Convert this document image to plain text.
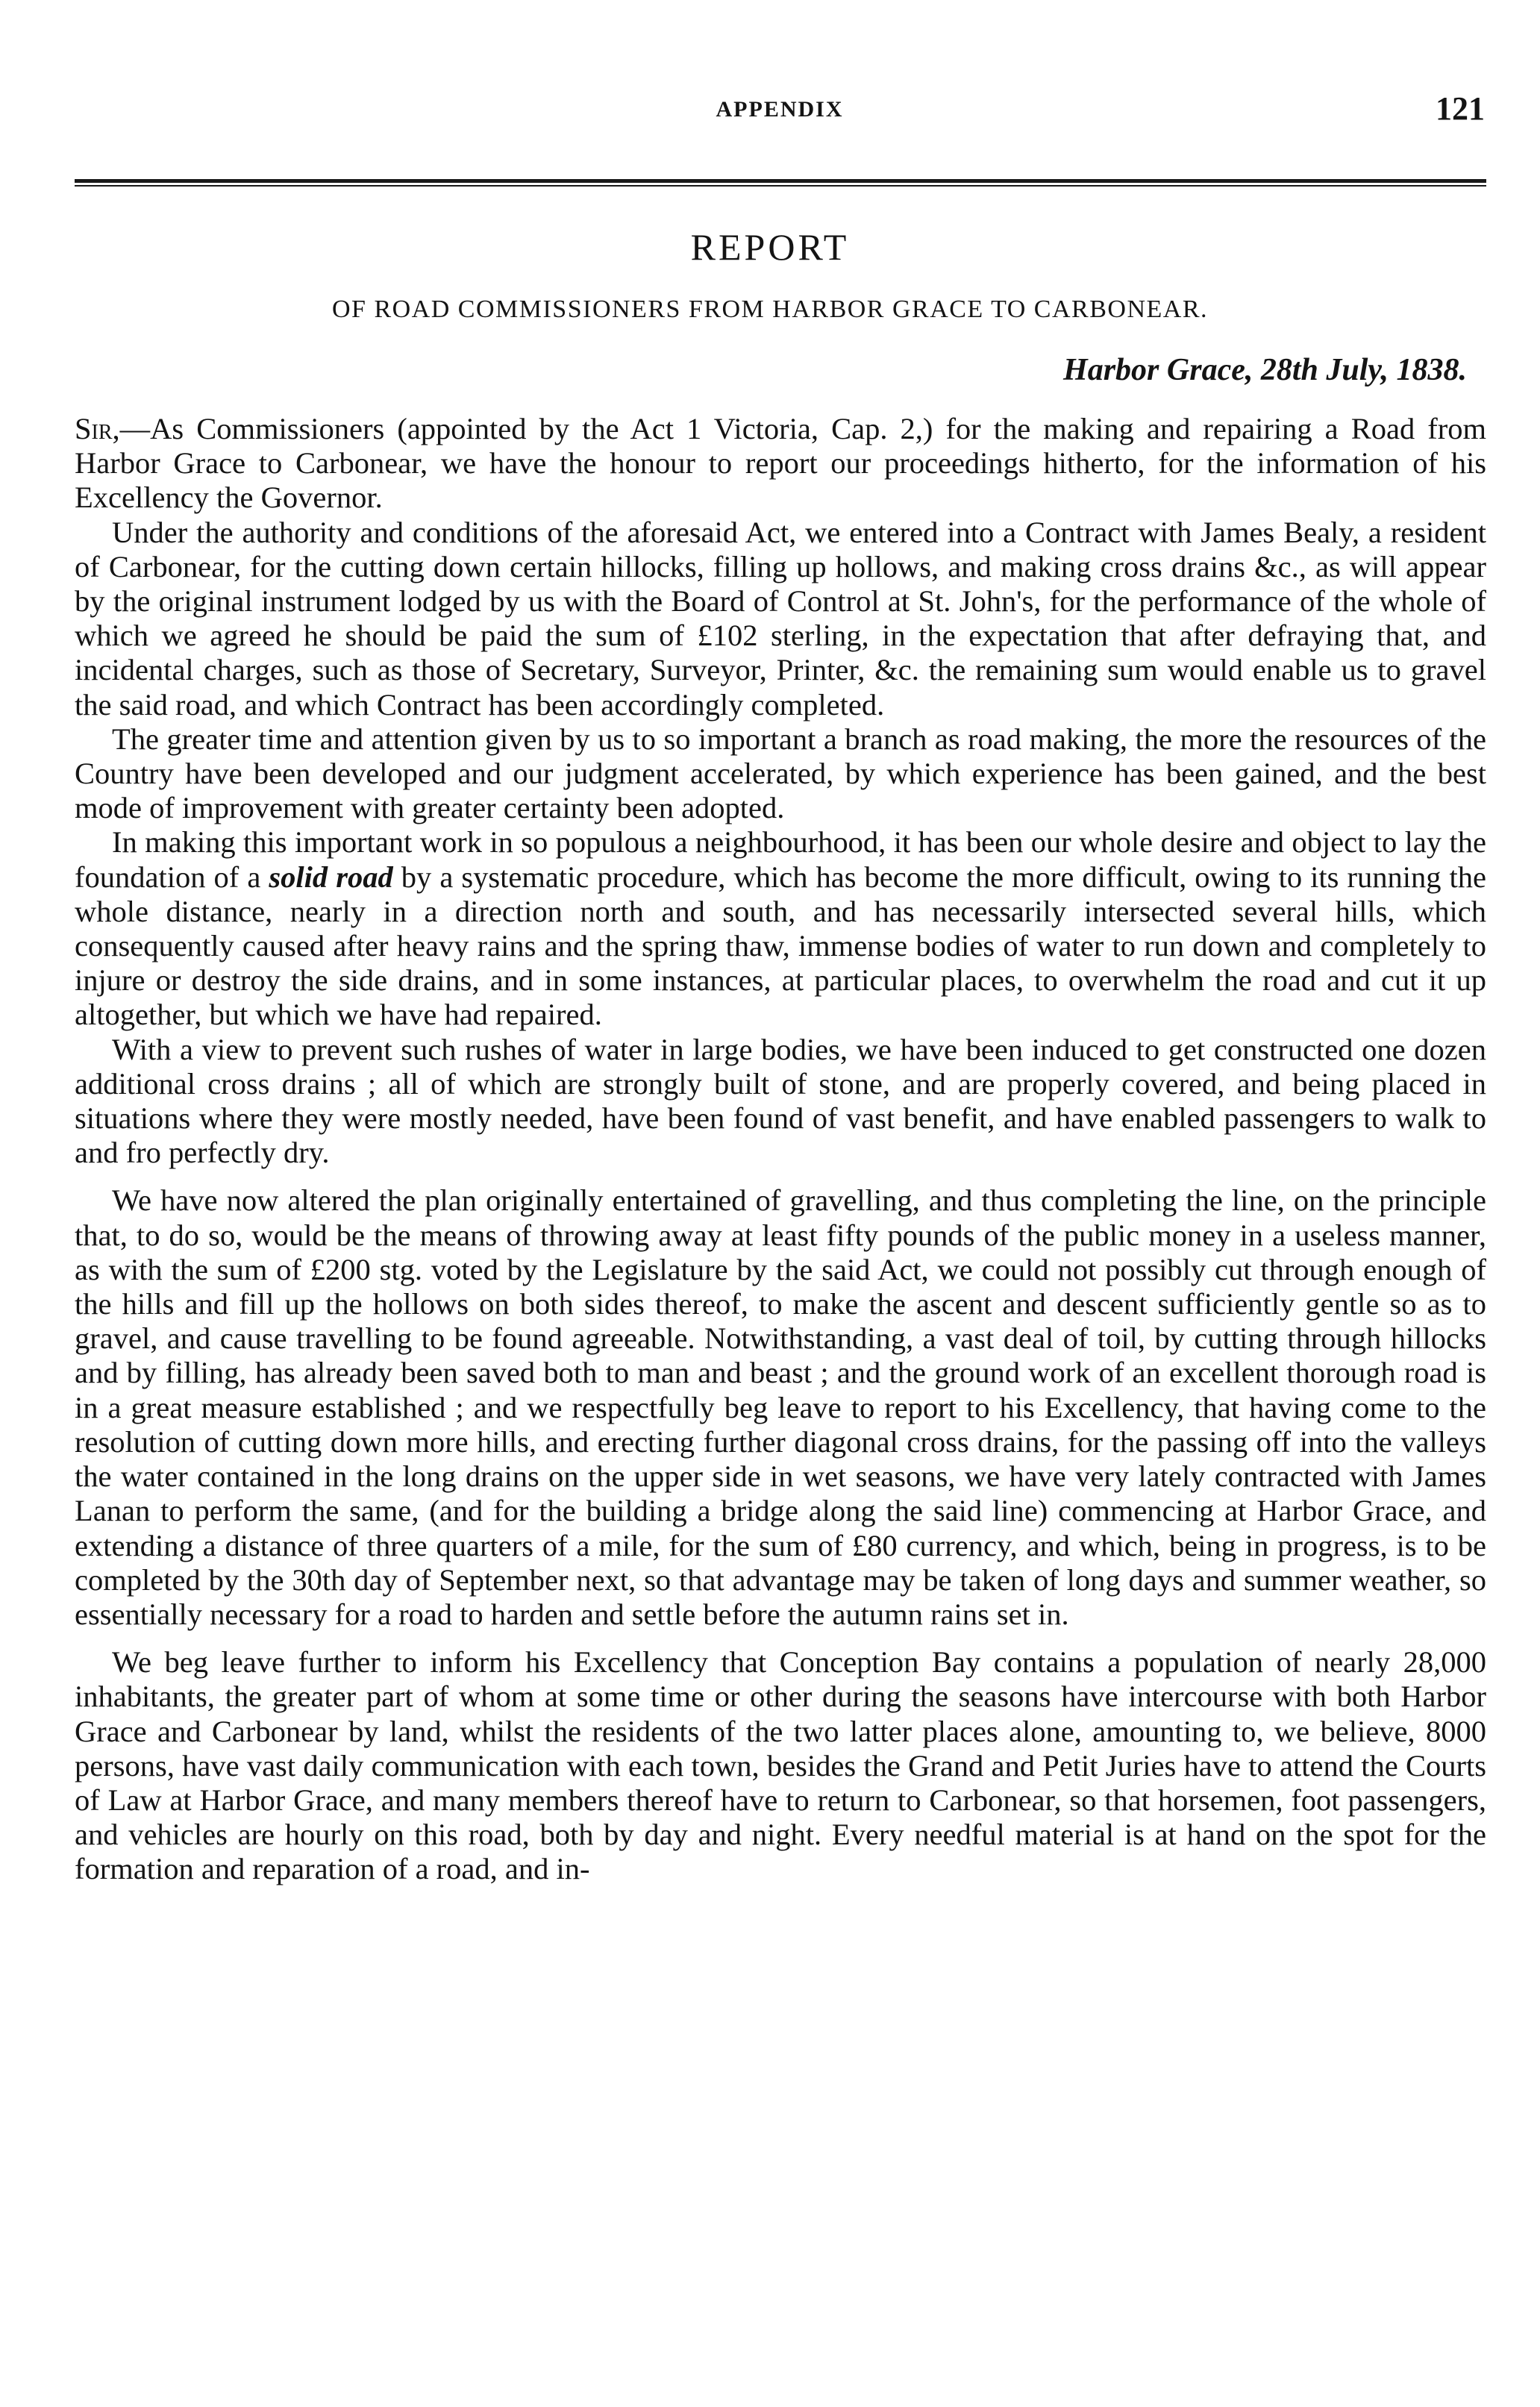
APPENDIX	121
REPORT
OF ROAD COMMISSIONERS FROM HARBOR GRACE TO CARBONEAR.
Harbor Grace, 28th July, 1838.

Sir,—As Commissioners (appointed by the Act 1 Victoria, Cap. 2,) for the making and repairing a Road from Harbor Grace to Carbonear, we have the honour to report our proceedings hitherto, for the information of his Excellency the Governor.

Under the authority and conditions of the aforesaid Act, we entered into a Contract with James Bealy, a resident of Carbonear, for the cutting down certain hillocks, filling up hollows, and making cross drains &c., as will appear by the original instrument lodged by us with the Board of Control at St. John's, for the performance of the whole of which we agreed he should be paid the sum of £102 sterling, in the expectation that after defraying that, and incidental charges, such as those of Secretary, Surveyor, Printer, &c. the remaining sum would enable us to gravel the said road, and which Contract has been accordingly completed.

The greater time and attention given by us to so important a branch as road making, the more the resources of the Country have been developed and our judgment accelerated, by which experience has been gained, and the best mode of improvement with greater certainty been adopted.

In making this important work in so populous a neighbourhood, it has been our whole desire and object to lay the foundation of a solid road by a systematic procedure, which has become the more difficult, owing to its running the whole distance, nearly in a direction north and south, and has necessarily intersected several hills, which consequently caused after heavy rains and the spring thaw, immense bodies of water to run down and completely to injure or destroy the side drains, and in some instances, at particular places, to overwhelm the road and cut it up altogether, but which we have had repaired.

With a view to prevent such rushes of water in large bodies, we have been induced to get constructed one dozen additional cross drains ; all of which are strongly built of stone, and are properly covered, and being placed in situations where they were mostly needed, have been found of vast benefit, and have enabled passengers to walk to and fro perfectly dry.

We have now altered the plan originally entertained of gravelling, and thus completing the line, on the principle that, to do so, would be the means of throwing away at least fifty pounds of the public money in a useless manner, as with the sum of £200 stg. voted by the Legislature by the said Act, we could not possibly cut through enough of the hills and fill up the hollows on both sides thereof, to make the ascent and descent sufficiently gentle so as to gravel, and cause travelling to be found agreeable. Notwithstanding, a vast deal of toil, by cutting through hillocks and by filling, has already been saved both to man and beast ; and the ground work of an excellent thorough road is in a great measure established ; and we respectfully beg leave to report to his Excellency, that having come to the resolution of cutting down more hills, and erecting further diagonal cross drains, for the passing off into the valleys the water contained in the long drains on the upper side in wet seasons, we have very lately contracted with James Lanan to perform the same, (and for the building a bridge along the said line) commencing at Harbor Grace, and extending a distance of three quarters of a mile, for the sum of £80 currency, and which, being in progress, is to be completed by the 30th day of September next, so that advantage may be taken of long days and summer weather, so essentially necessary for a road to harden and settle before the autumn rains set in.

We beg leave further to inform his Excellency that Conception Bay contains a population of nearly 28,000 inhabitants, the greater part of whom at some time or other during the seasons have intercourse with both Harbor Grace and Carbonear by land, whilst the residents of the two latter places alone, amounting to, we believe, 8000 persons, have vast daily communication with each town, besides the Grand and Petit Juries have to attend the Courts of Law at Harbor Grace, and many members thereof have to return to Carbonear, so that horsemen, foot passengers, and vehicles are hourly on this road, both by day and night. Every needful material is at hand on the spot for the formation and reparation of a road, and in-
